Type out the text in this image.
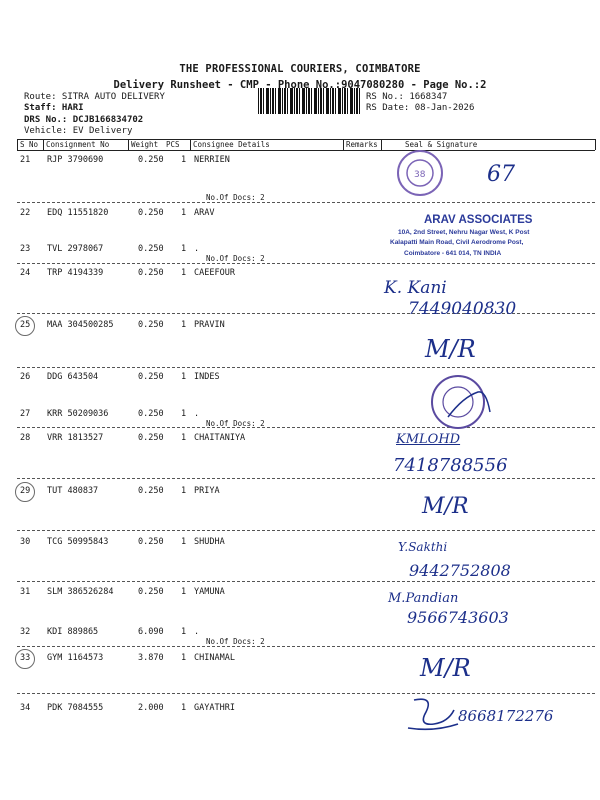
THE PROFESSIONAL COURIERS, COIMBATORE
Delivery Runsheet - CMP - Phone No.:9047080280 - Page No.:2
Route: SITRA AUTO DELIVERY
Staff: HARI
DRS No.: DCJB166834702
Vehicle: EV Delivery
RS No.: 1668347
RS Date: 08-Jan-2026
S No Consignment No	Weight PCS Consignee Details	Remarks	Seal & Signature
21 RJP 3790690	0.250 1 NERRIEN
No.Of Docs: 2
22 EDQ 11551820	0.250 1 ARAV
23 TVL 2978067	0.250 1 .
No.Of Docs: 2
24 TRP 4194339	0.250 1 CAEEFOUR
25 MAA 304500285	0.250 1 PRAVIN
26 DDG 643504	0.250 1 INDES
27 KRR 50209036	0.250 1 .
No.Of Docs: 2
28 VRR 1813527	0.250 1 CHAITANIYA
29 TUT 480837	0.250 1 PRIYA
30 TCG 50995843	0.250 1 SHUDHA
31 SLM 386526284	0.250 1 YAMUNA
32 KDI 889865	6.090 1 .
No.Of Docs: 2
33 GYM 1164573	3.870 1 CHINAMAL
34 PDK 7084555	2.000 1 GAYATHRI
38	67
ARAV ASSOCIATES
10A, 2nd Street, Nehru Nagar West, K Post
Kalapatti Main Road, Civil Aerodrome Post,
Coimbatore - 641 014, TN INDIA
K. Kani
7449040830
M/R
KMLOHD
7418788556
M/R
Y.Sakthi
9442752808
M.Pandian
9566743603
M/R
8668172276
